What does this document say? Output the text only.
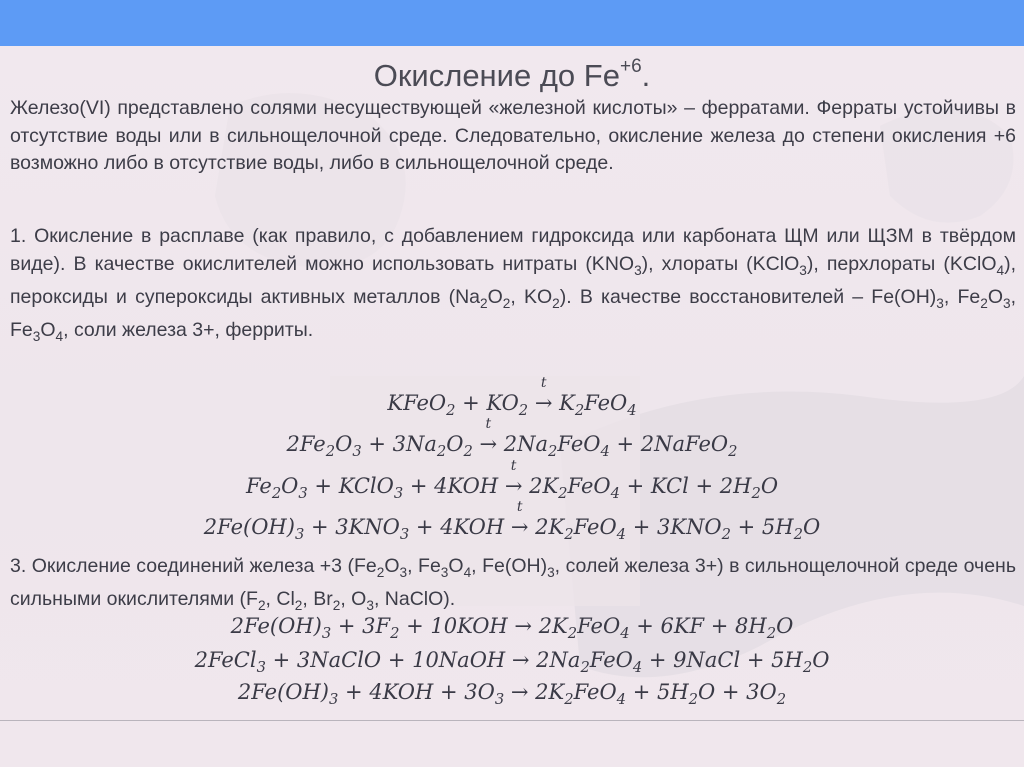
Окисление до $Fe^{+6}$.
Железо(VI) представлено солями несуществующей «железной кислоты» – ферратами. Ферраты устойчивы в отсутствие воды или в сильнощелочной среде. Следовательно, окисление железа до степени окисления +6 возможно либо в отсутствие воды, либо в сильнощелочной среде.
1. Окисление в расплаве (как правило, с добавлением гидроксида или карбоната ЩМ или ЩЗМ в твёрдом виде). В качестве окислителей можно использовать нитраты $(KNO_3)$, хлораты (KClO$_3$), перхлораты (KClO$_4$), пероксиды и супероксиды активных металлов ($Na_2O_2$, $KO_2$). В качестве восстановителей – $Fe(OH)_3$, $Fe_2O_3$, $Fe_3O_4$, соли железа 3+, ферриты.
KFeO$_2$ + $KO_2$
t
→ $K_2FeO_4$
$2Fe_2O_3 + 3Na_2O_2$
t
→ $2Na_2FeO_4$ + 2NaFeO$_2$
$Fe_2O_3$ + KClO$_3$ + 4KOH
t
→ $2K_2FeO_4$ + KCl + $2H_2O$
$2Fe(OH)_3 + 3KNO_3 + 4KOH$
t
→ $2K_2FeO_4 + 3KNO_2 + 5H_2O$
3. Окисление соединений железа +3 ($Fe_2O_3$, $Fe_3O_4$, $Fe(OH)_3$, солей железа 3+) в сильнощелочной среде очень сильными окислителями ($F_2$, $Cl_2$, $Br_2$, $O_3$, NaClO).
$2Fe(OH)_3 + 3F_2 + 10KOH \to 2K_2FeO_4 + 6KF + 8H_2O$
2FeCl$_3$ + 3NaClO + 10NaOH → $2Na_2FeO_4$ + 9NaCl + $5H_2O$
$2Fe(OH)_3 + 4KOH + 3O_3 \to 2K_2FeO_4 + 5H_2O + 3O_2$
